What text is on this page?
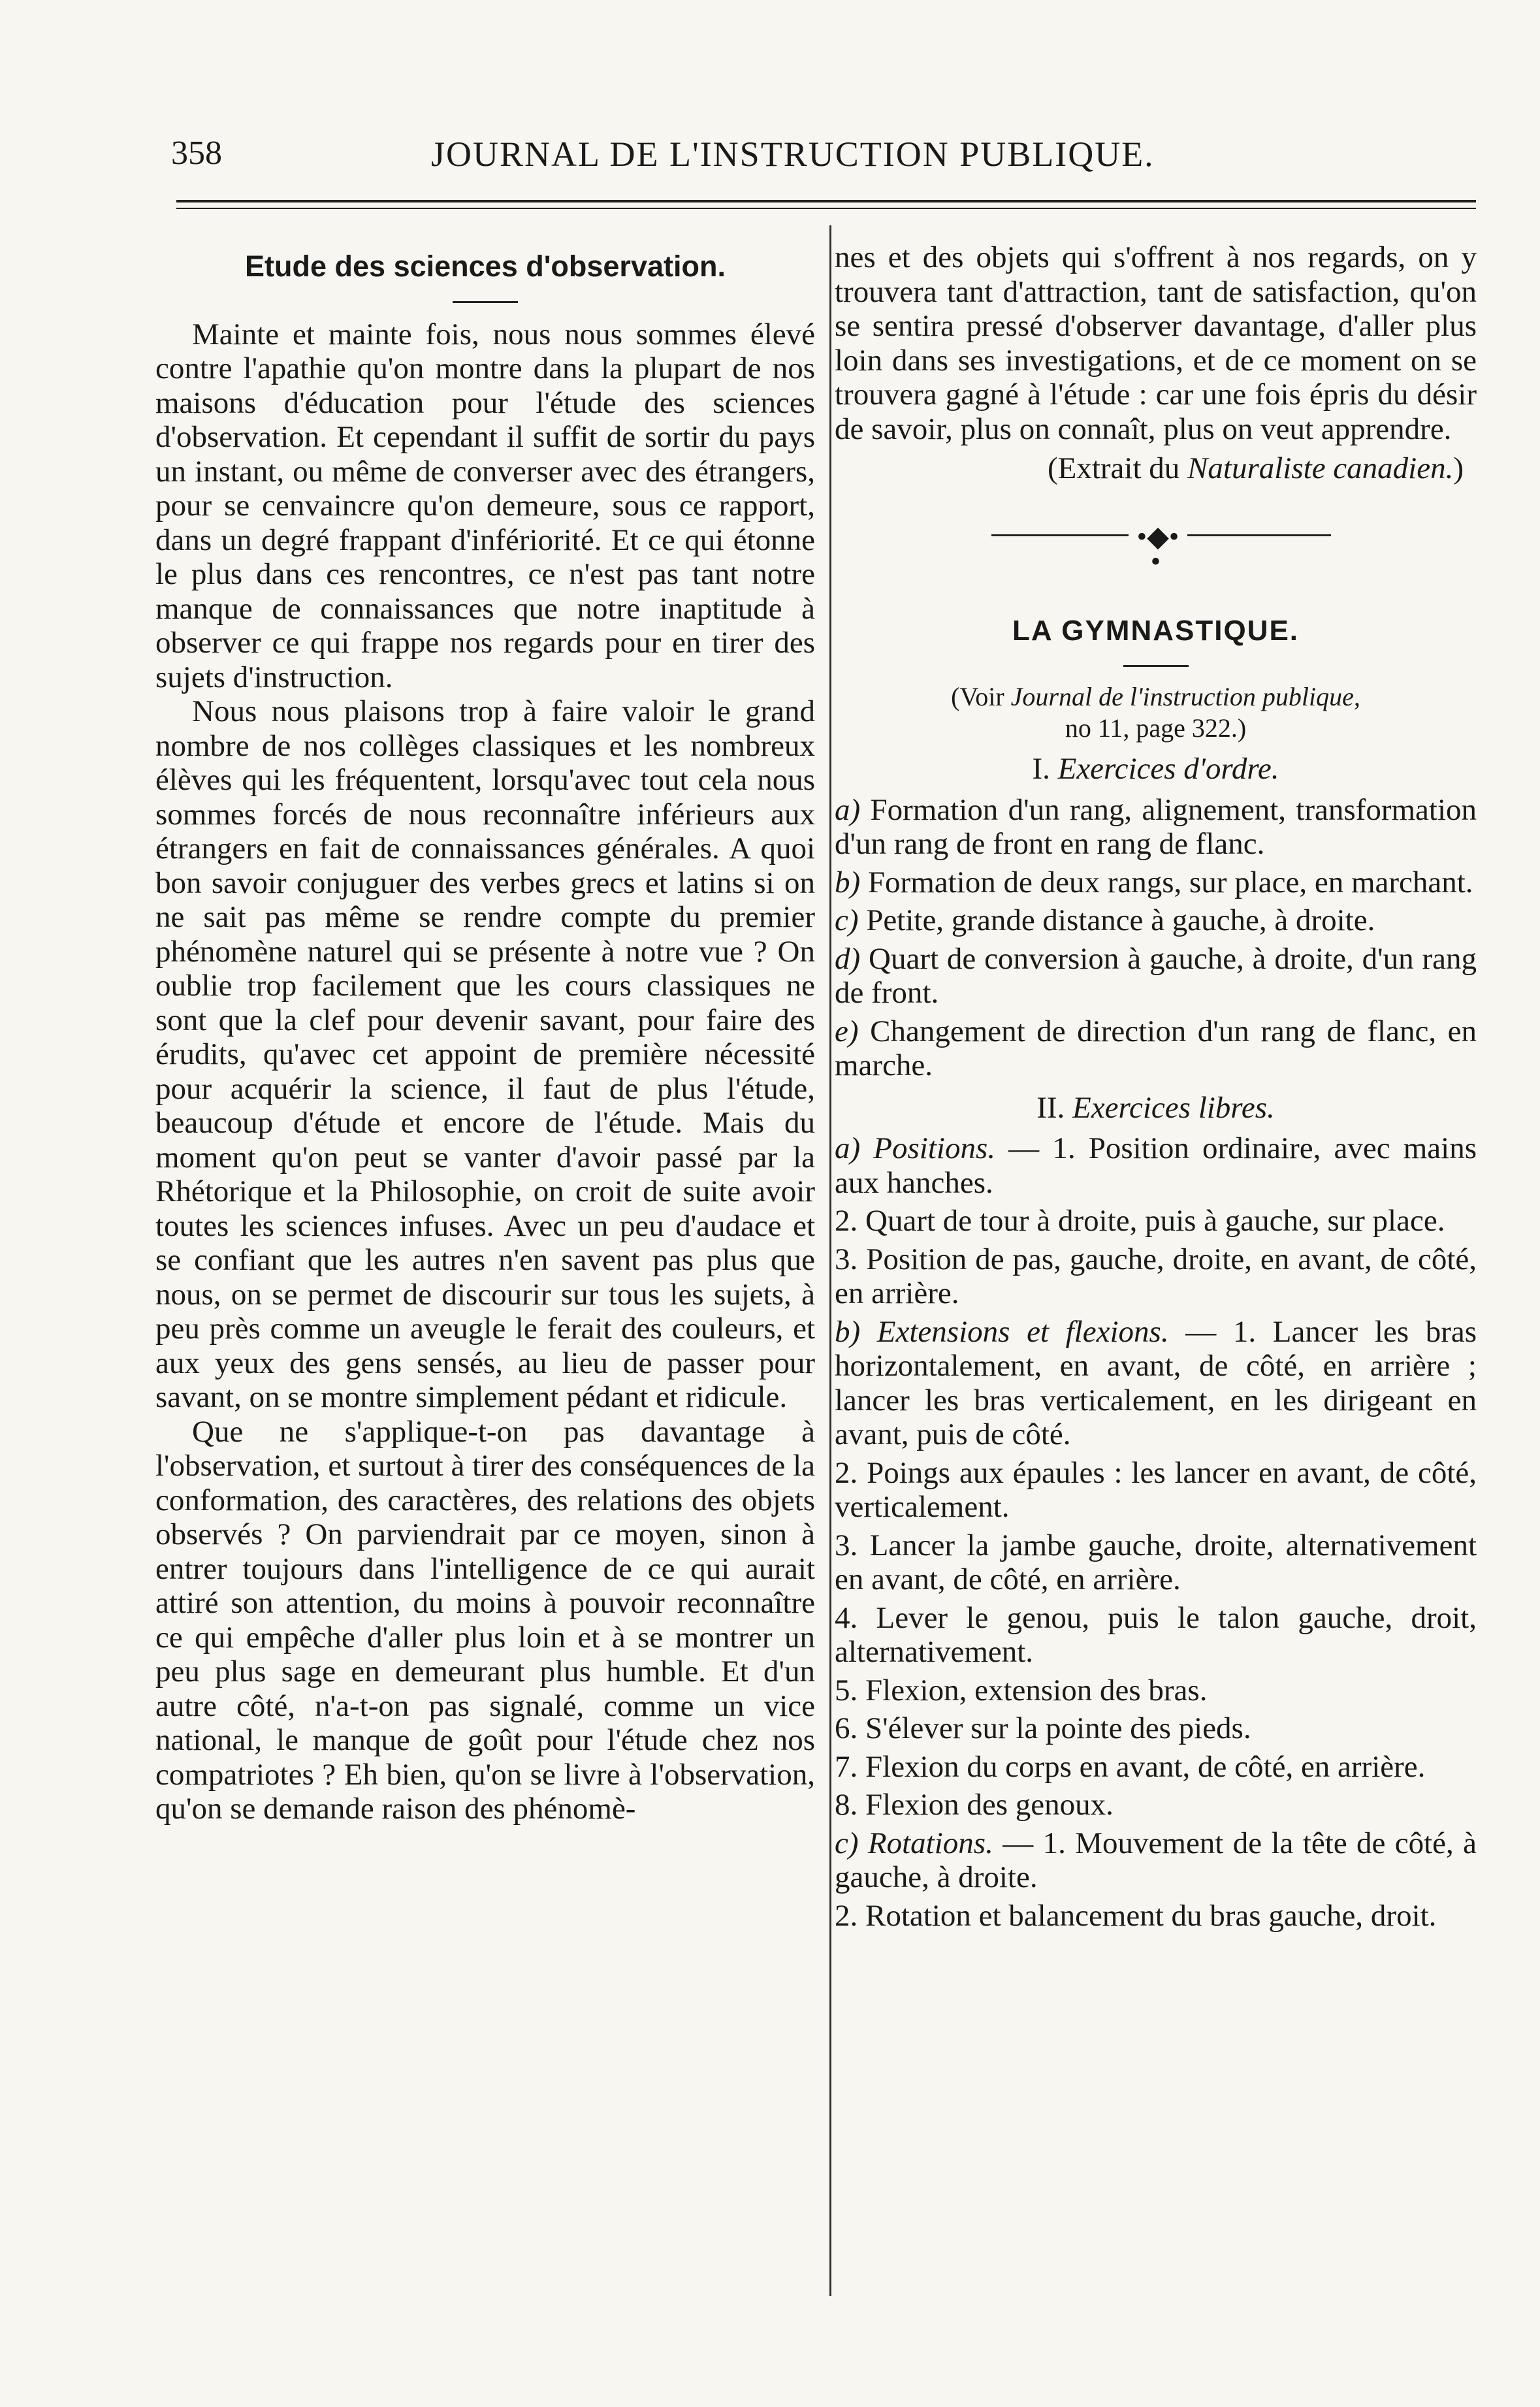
358	JOURNAL DE L'INSTRUCTION PUBLIQUE.
Etude des sciences d'observation.

Mainte et mainte fois, nous nous sommes élevé contre l'apathie qu'on montre dans la plupart de nos maisons d'éducation pour l'étude des sciences d'observation. Et cependant il suffit de sortir du pays un instant, ou même de converser avec des étrangers, pour se cenvaincre qu'on demeure, sous ce rapport, dans un degré frappant d'infériorité. Et ce qui étonne le plus dans ces rencontres, ce n'est pas tant notre manque de connaissances que notre inaptitude à observer ce qui frappe nos regards pour en tirer des sujets d'instruction.

Nous nous plaisons trop à faire valoir le grand nombre de nos collèges classiques et les nombreux élèves qui les fréquentent, lorsqu'avec tout cela nous sommes forcés de nous reconnaître inférieurs aux étrangers en fait de connaissances générales. A quoi bon savoir conjuguer des verbes grecs et latins si on ne sait pas même se rendre compte du premier phénomène naturel qui se présente à notre vue ? On oublie trop facilement que les cours classiques ne sont que la clef pour devenir savant, pour faire des érudits, qu'avec cet appoint de première nécessité pour acquérir la science, il faut de plus l'étude, beaucoup d'étude et encore de l'étude. Mais du moment qu'on peut se vanter d'avoir passé par la Rhétorique et la Philosophie, on croit de suite avoir toutes les sciences infuses. Avec un peu d'audace et se confiant que les autres n'en savent pas plus que nous, on se permet de discourir sur tous les sujets, à peu près comme un aveugle le ferait des couleurs, et aux yeux des gens sensés, au lieu de passer pour savant, on se montre simplement pédant et ridicule.

Que ne s'applique-t-on pas davantage à l'observation, et surtout à tirer des conséquences de la conformation, des caractères, des relations des objets observés ? On parviendrait par ce moyen, sinon à entrer toujours dans l'intelligence de ce qui aurait attiré son attention, du moins à pouvoir reconnaître ce qui empêche d'aller plus loin et à se montrer un peu plus sage en demeurant plus humble. Et d'un autre côté, n'a-t-on pas signalé, comme un vice national, le manque de goût pour l'étude chez nos compatriotes ? Eh bien, qu'on se livre à l'observation, qu'on se demande raison des phénomè-

nes et des objets qui s'offrent à nos regards, on y trouvera tant d'attraction, tant de satisfaction, qu'on se sentira pressé d'observer davantage, d'aller plus loin dans ses investigations, et de ce moment on se trouvera gagné à l'étude : car une fois épris du désir de savoir, plus on connaît, plus on veut apprendre.

(Extrait du Naturaliste canadien.)
•◆•
•
LA GYMNASTIQUE.
(Voir Journal de l'instruction publique,
no 11, page 322.)
I. Exercices d'ordre.

a) Formation d'un rang, alignement, transformation d'un rang de front en rang de flanc.

b) Formation de deux rangs, sur place, en marchant.

c) Petite, grande distance à gauche, à droite.

d) Quart de conversion à gauche, à droite, d'un rang de front.

e) Changement de direction d'un rang de flanc, en marche.

II. Exercices libres.

a) Positions. — 1. Position ordinaire, avec mains aux hanches.

2. Quart de tour à droite, puis à gauche, sur place.

3. Position de pas, gauche, droite, en avant, de côté, en arrière.

b) Extensions et flexions. — 1. Lancer les bras horizontalement, en avant, de côté, en arrière ; lancer les bras verticalement, en les dirigeant en avant, puis de côté.

2. Poings aux épaules : les lancer en avant, de côté, verticalement.

3. Lancer la jambe gauche, droite, alternativement en avant, de côté, en arrière.

4. Lever le genou, puis le talon gauche, droit, alternativement.

5. Flexion, extension des bras.

6. S'élever sur la pointe des pieds.

7. Flexion du corps en avant, de côté, en arrière.

8. Flexion des genoux.

c) Rotations. — 1. Mouvement de la tête de côté, à gauche, à droite.

2. Rotation et balancement du bras gauche, droit.
